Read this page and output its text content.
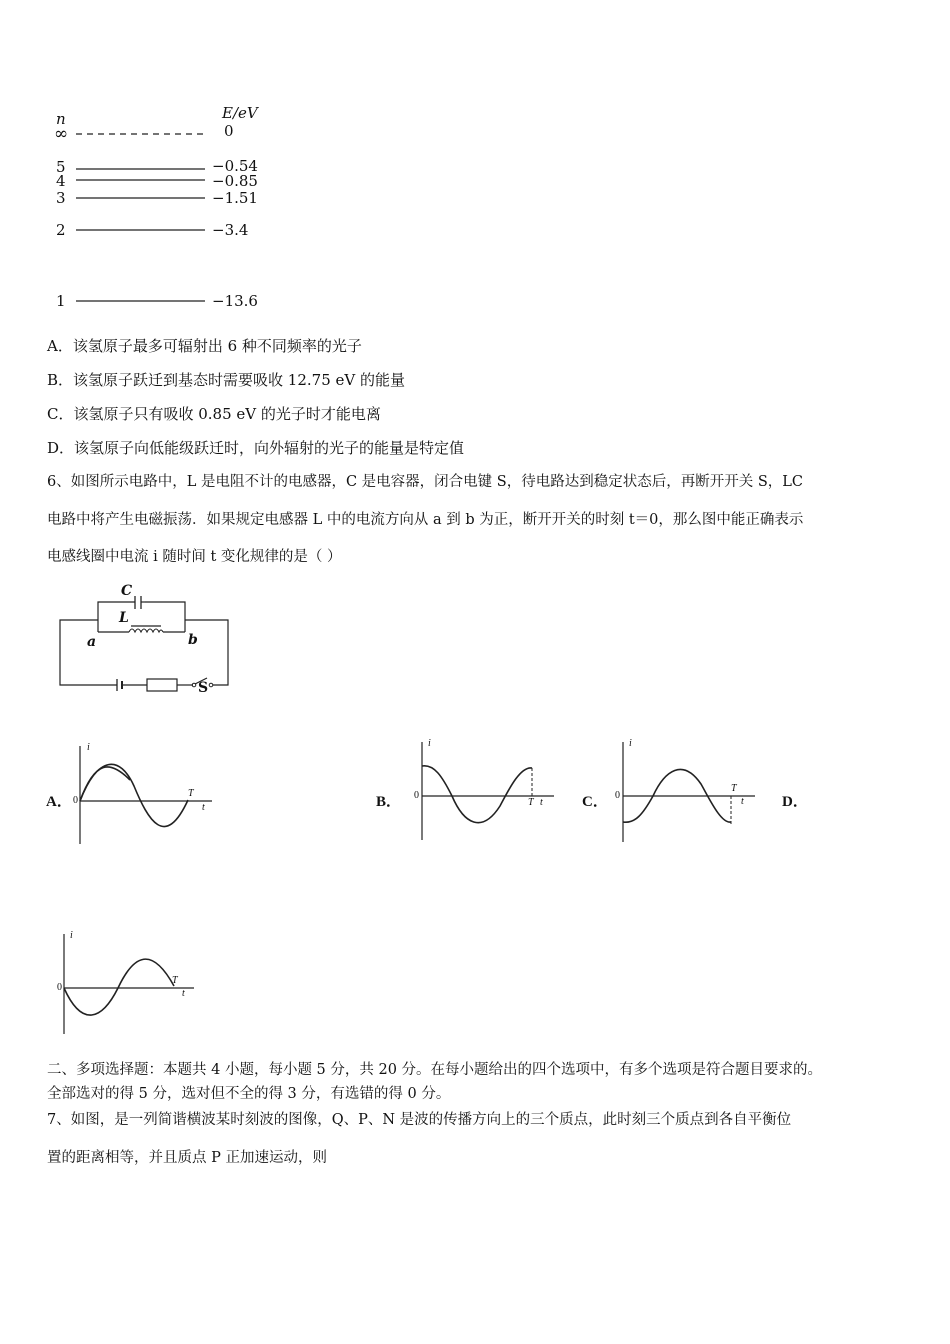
n	E/eV
∞	0
5	−0.54
4	−0.85
3	−1.51
2	−3.4
1	−13.6
A．该氢原子最多可辐射出 6 种不同频率的光子
B．该氢原子跃迁到基态时需要吸收 12.75 eV 的能量
C．该氢原子只有吸收 0.85 eV 的光子时才能电离
D．该氢原子向低能级跃迁时，向外辐射的光子的能量是特定值
6、如图所示电路中，L 是电阻不计的电感器，C 是电容器，闭合电键 S，待电路达到稳定状态后，再断开开关 S，LC
电路中将产生电磁振荡．如果规定电感器 L 中的电流方向从 a 到 b 为正，断开开关的时刻 t＝0，那么图中能正确表示
电感线圈中电流 i 随时间 t 变化规律的是（ ）
C
L
a	b
S
A．	B．	C．	D．
i
0
T
t
i
0
T t
i
0
T
t
i
0
T
t
二、多项选择题：本题共 4 小题，每小题 5 分，共 20 分。在每小题给出的四个选项中，有多个选项是符合题目要求的。
全部选对的得 5 分，选对但不全的得 3 分，有选错的得 0 分。
7、如图，是一列简谐横波某时刻波的图像，Q、P、N 是波的传播方向上的三个质点，此时刻三个质点到各自平衡位
置的距离相等，并且质点 P 正加速运动，则
